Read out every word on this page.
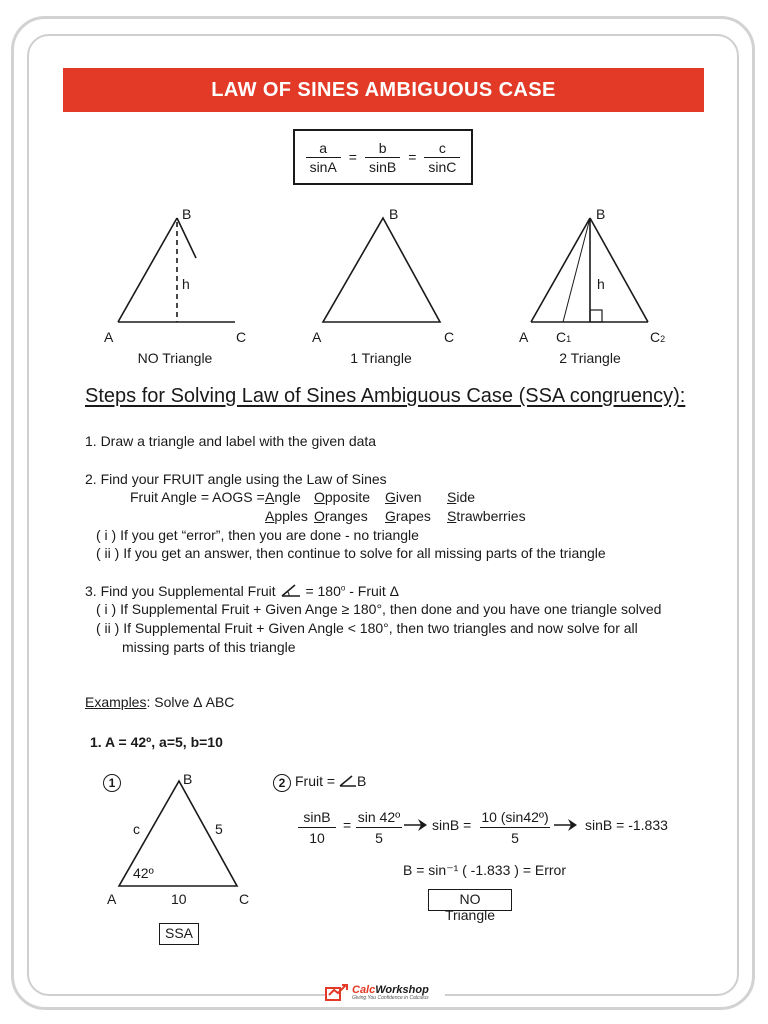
LAW OF SINES AMBIGUOUS CASE
$\frac{a}{\sin A} = \frac{b}{\sin B} = \frac{c}{\sin C}$
B
A	C
h
NO Triangle
B
A	C
1 Triangle
B
A C1	C2
h
2 Triangle
Steps for Solving Law of Sines Ambiguous Case (SSA congruency):
1. Draw a triangle and label with the given data
2. Find your FRUIT angle using the Law of Sines
Fruit Angle = AOGS = Angle Opposite Given Side
Apples Oranges Grapes Strawberries
( i ) If you get “error”, then you are done - no triangle
( ii ) If you get an answer, then continue to solve for all missing parts of the triangle
3. Find you Supplemental Fruit = $180^o$ - Fruit Δ
( i ) If Supplemental Fruit + Given Ange ≥ 180°, then done and you have one triangle solved
( ii ) If Supplemental Fruit + Given Angle < 180°, then two triangles and now solve for all
missing parts of this triangle
Examples: Solve Δ ABC
1. A = 42º, a=5, b=10
1	B
A	C
c	5
10
42º
SSA
2 Fruit = B
sinB
10
= sin 42º
5
sinB = 10 (sin42º)
5
sinB = -1.833
B = sin⁻¹ ( -1.833 ) = Error
NO Triangle
CalcWorkshop
Giving You Confidence in Calculus
